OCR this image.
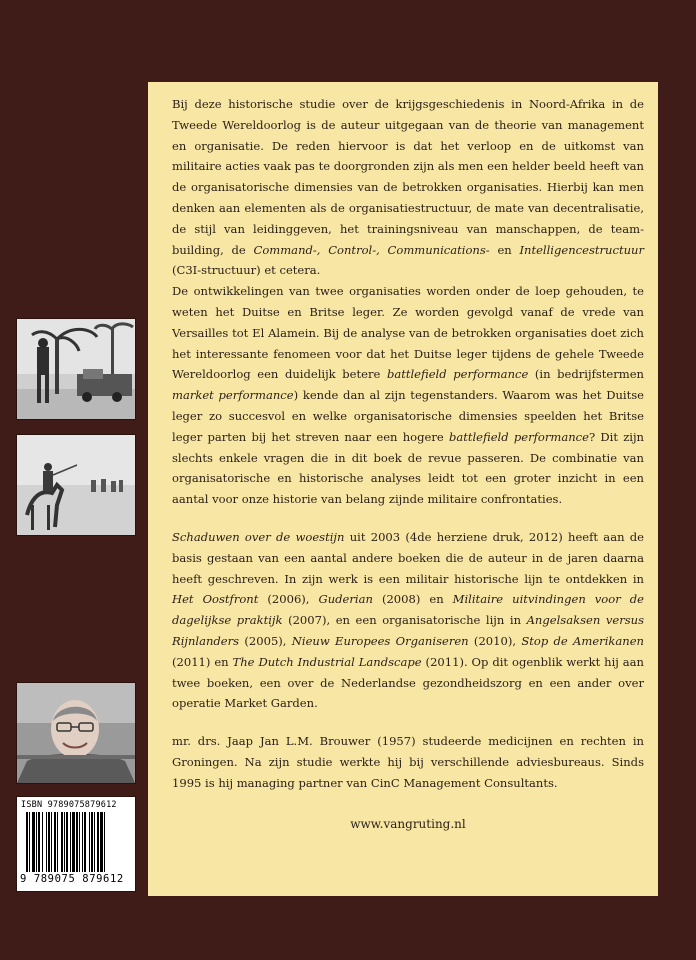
ISBN 9789075879612
9 789075 879612

Bij deze historische studie over de krijgsgeschiedenis in Noord-Afrika in de Tweede Wereldoorlog is de auteur uitgegaan van de theorie van management en organisatie. De reden hiervoor is dat het verloop en de uitkomst van militaire acties vaak pas te doorgronden zijn als men een helder beeld heeft van de organisatorische dimensies van de betrokken organisaties. Hierbij kan men denken aan elementen als de organisatiestructuur, de mate van decentralisatie, de stijl van leidinggeven, het trainingsniveau van manschappen, de teambuilding, de Command-, Control-, Communications- en Intelligencestructuur (C3I-structuur) et cetera.

De ontwikkelingen van twee organisaties worden onder de loep gehouden, te weten het Duitse en Britse leger. Ze worden gevolgd vanaf de vrede van Versailles tot El Alamein. Bij de analyse van de betrokken organisaties doet zich het interessante fenomeen voor dat het Duitse leger tijdens de gehele Tweede Wereldoorlog een duidelijk betere battlefield performance (in bedrijfstermen market performance) kende dan al zijn tegenstanders. Waarom was het Duitse leger zo succesvol en welke organisatorische dimensies speelden het Britse leger parten bij het streven naar een hogere battlefield performance? Dit zijn slechts enkele vragen die in dit boek de revue passeren. De combinatie van organisatorische en historische analyses leidt tot een groter inzicht in een aantal voor onze historie van belang zijnde militaire confrontaties.

Schaduwen over de woestijn uit 2003 (4de herziene druk, 2012) heeft aan de basis gestaan van een aantal andere boeken die de auteur in de jaren daarna heeft geschreven. In zijn werk is een militair historische lijn te ontdekken in Het Oostfront (2006), Guderian (2008) en Militaire uitvindingen voor de dagelijkse praktijk (2007), en een organisatorische lijn in Angelsaksen versus Rijnlanders (2005), Nieuw Europees Organiseren (2010), Stop de Amerikanen (2011) en The Dutch Industrial Landscape (2011). Op dit ogenblik werkt hij aan twee boeken, een over de Nederlandse gezondheidszorg en een ander over operatie Market Garden.

mr. drs. Jaap Jan L.M. Brouwer (1957) studeerde medicijnen en rechten in Groningen. Na zijn studie werkte hij bij verschillende adviesbureaus. Sinds 1995 is hij managing partner van CinC Management Consultants.

www.vangruting.nl
